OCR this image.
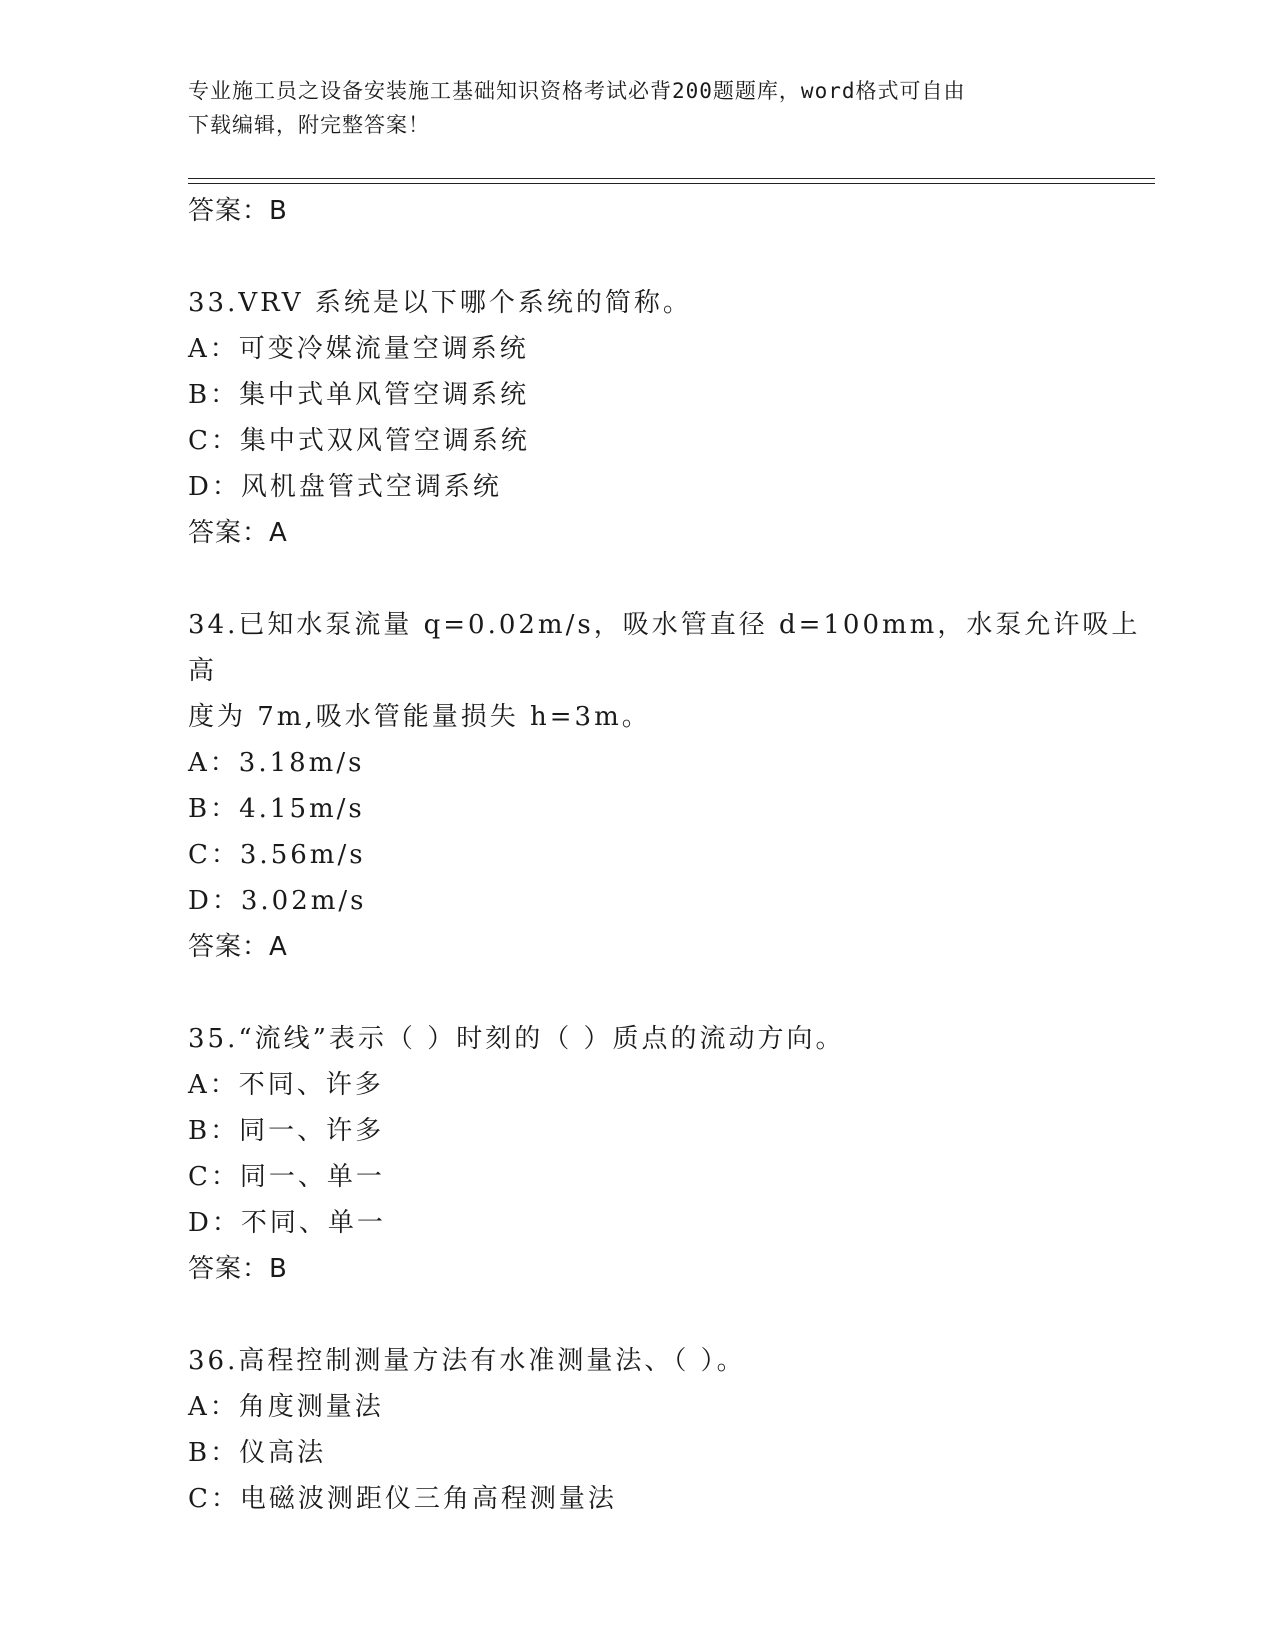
专业施工员之设备安装施工基础知识资格考试必背200题题库，word格式可自由
下载编辑，附完整答案！
答案：B
33.VRV 系统是以下哪个系统的简称。
A：可变冷媒流量空调系统
B：集中式单风管空调系统
C：集中式双风管空调系统
D：风机盘管式空调系统
答案：A
34.已知水泵流量 q=0.02m/s，吸水管直径 d=100mm，水泵允许吸上高
度为 7m,吸水管能量损失 h=3m。
A：3.18m/s
B：4.15m/s
C：3.56m/s
D：3.02m/s
答案：A
35.“流线”表示（ ）时刻的（ ）质点的流动方向。
A：不同、许多
B：同一、许多
C：同一、单一
D：不同、单一
答案：B
36.高程控制测量方法有水准测量法、（ ）。
A：角度测量法
B：仪高法
C：电磁波测距仪三角高程测量法
